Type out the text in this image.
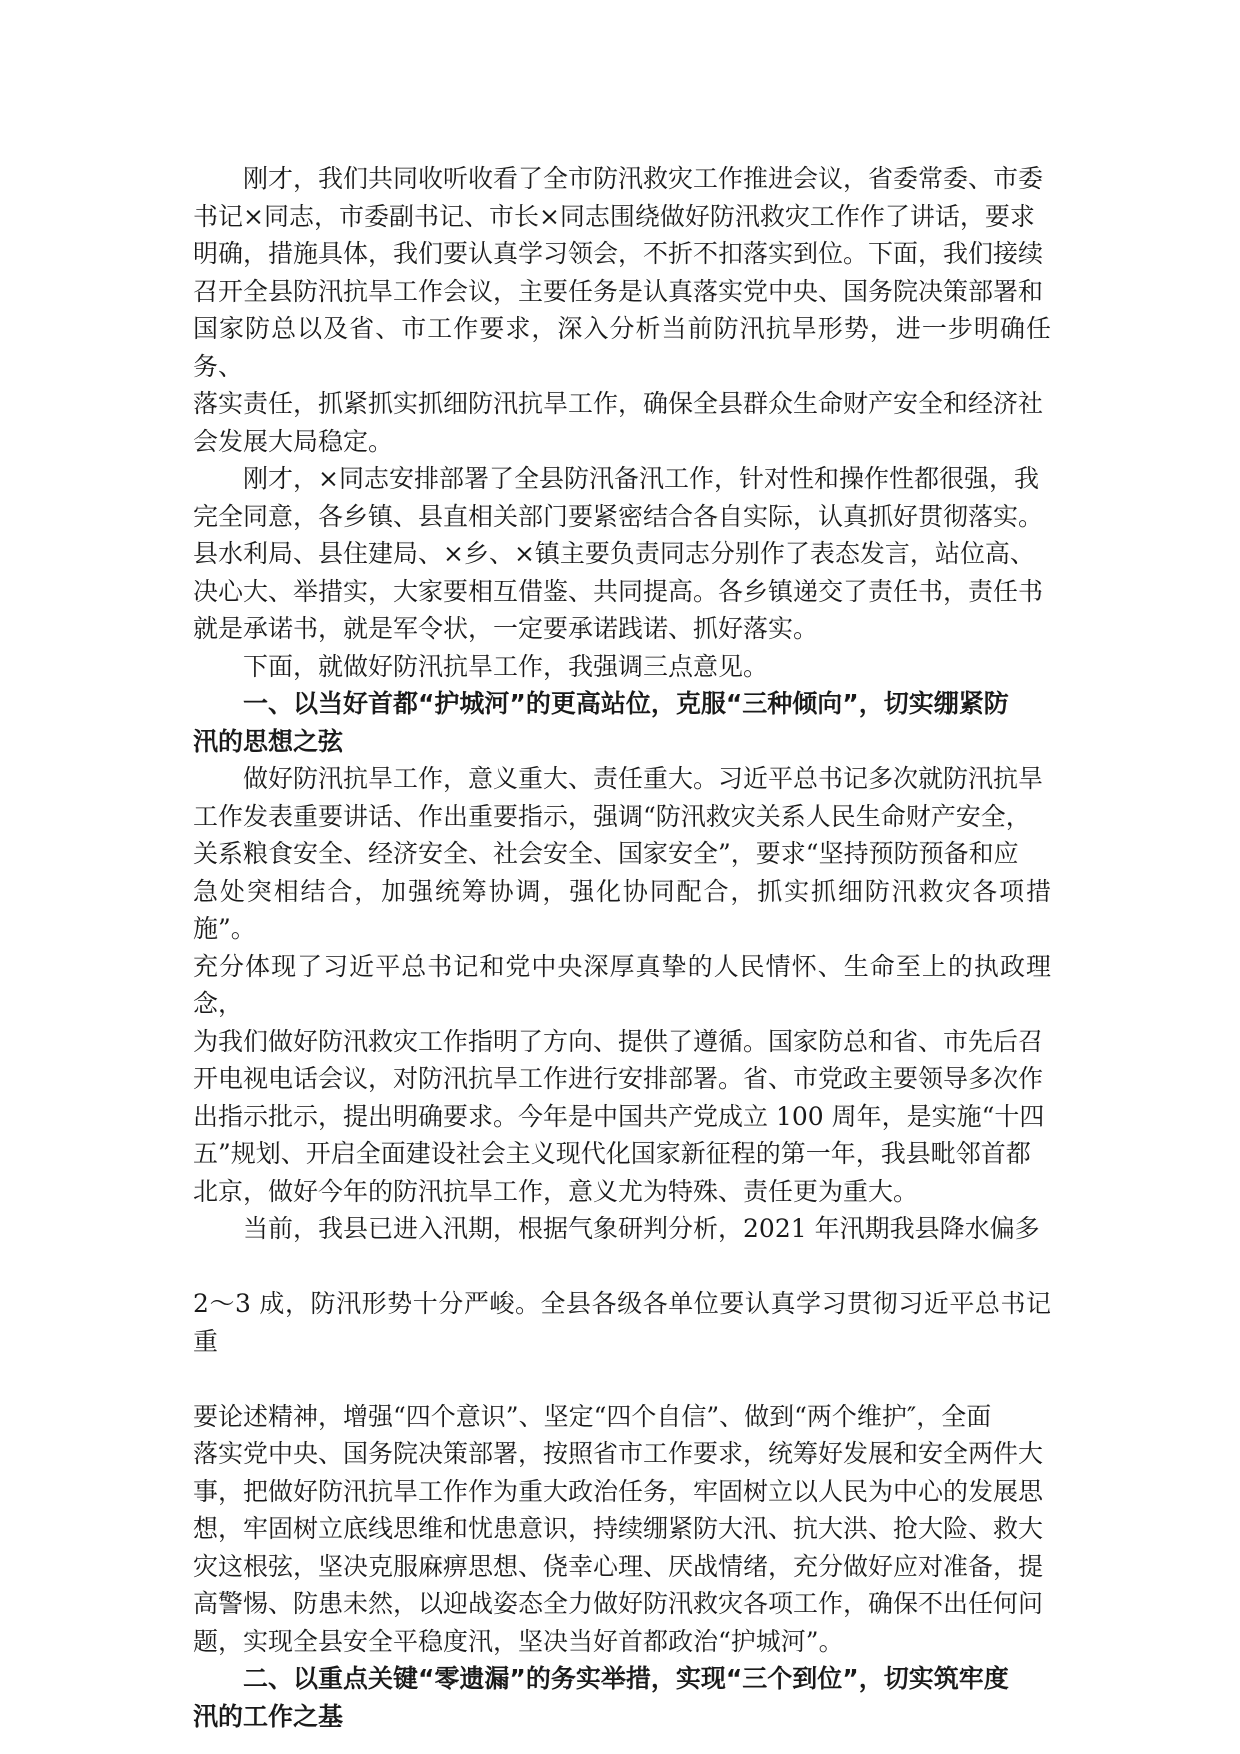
刚才，我们共同收听收看了全市防汛救灾工作推进会议，省委常委、市委
书记×同志，市委副书记、市长×同志围绕做好防汛救灾工作作了讲话，要求
明确，措施具体，我们要认真学习领会，不折不扣落实到位。下面，我们接续
召开全县防汛抗旱工作会议，主要任务是认真落实党中央、国务院决策部署和
国家防总以及省、市工作要求，深入分析当前防汛抗旱形势，进一步明确任务、
落实责任，抓紧抓实抓细防汛抗旱工作，确保全县群众生命财产安全和经济社
会发展大局稳定。

刚才，×同志安排部署了全县防汛备汛工作，针对性和操作性都很强，我
完全同意，各乡镇、县直相关部门要紧密结合各自实际，认真抓好贯彻落实。
县水利局、县住建局、×乡、×镇主要负责同志分别作了表态发言，站位高、
决心大、举措实，大家要相互借鉴、共同提高。各乡镇递交了责任书，责任书
就是承诺书，就是军令状，一定要承诺践诺、抓好落实。

下面，就做好防汛抗旱工作，我强调三点意见。

一、以当好首都“护城河”的更高站位，克服“三种倾向”，切实绷紧防
汛的思想之弦

做好防汛抗旱工作，意义重大、责任重大。习近平总书记多次就防汛抗旱
工作发表重要讲话、作出重要指示，强调“防汛救灾关系人民生命财产安全，
关系粮食安全、经济安全、社会安全、国家安全”，要求“坚持预防预备和应
急处突相结合，加强统筹协调，强化协同配合，抓实抓细防汛救灾各项措施”。
充分体现了习近平总书记和党中央深厚真挚的人民情怀、生命至上的执政理念，
为我们做好防汛救灾工作指明了方向、提供了遵循。国家防总和省、市先后召
开电视电话会议，对防汛抗旱工作进行安排部署。省、市党政主要领导多次作
出指示批示，提出明确要求。今年是中国共产党成立 100 周年，是实施“十四
五”规划、开启全面建设社会主义现代化国家新征程的第一年，我县毗邻首都
北京，做好今年的防汛抗旱工作，意义尤为特殊、责任更为重大。

当前，我县已进入汛期，根据气象研判分析，2021 年汛期我县降水偏多
2〜3 成，防汛形势十分严峻。全县各级各单位要认真学习贯彻习近平总书记重
要论述精神，增强“四个意识”、坚定“四个自信”、做到“两个维护″，全面
落实党中央、国务院决策部署，按照省市工作要求，统筹好发展和安全两件大
事，把做好防汛抗旱工作作为重大政治任务，牢固树立以人民为中心的发展思
想，牢固树立底线思维和忧患意识，持续绷紧防大汛、抗大洪、抢大险、救大
灾这根弦，坚决克服麻痹思想、侥幸心理、厌战情绪，充分做好应对准备，提
高警惕、防患未然，以迎战姿态全力做好防汛救灾各项工作，确保不出任何问
题，实现全县安全平稳度汛，坚决当好首都政治“护城河”。

二、以重点关键“零遗漏”的务实举措，实现“三个到位”，切实筑牢度
汛的工作之基
